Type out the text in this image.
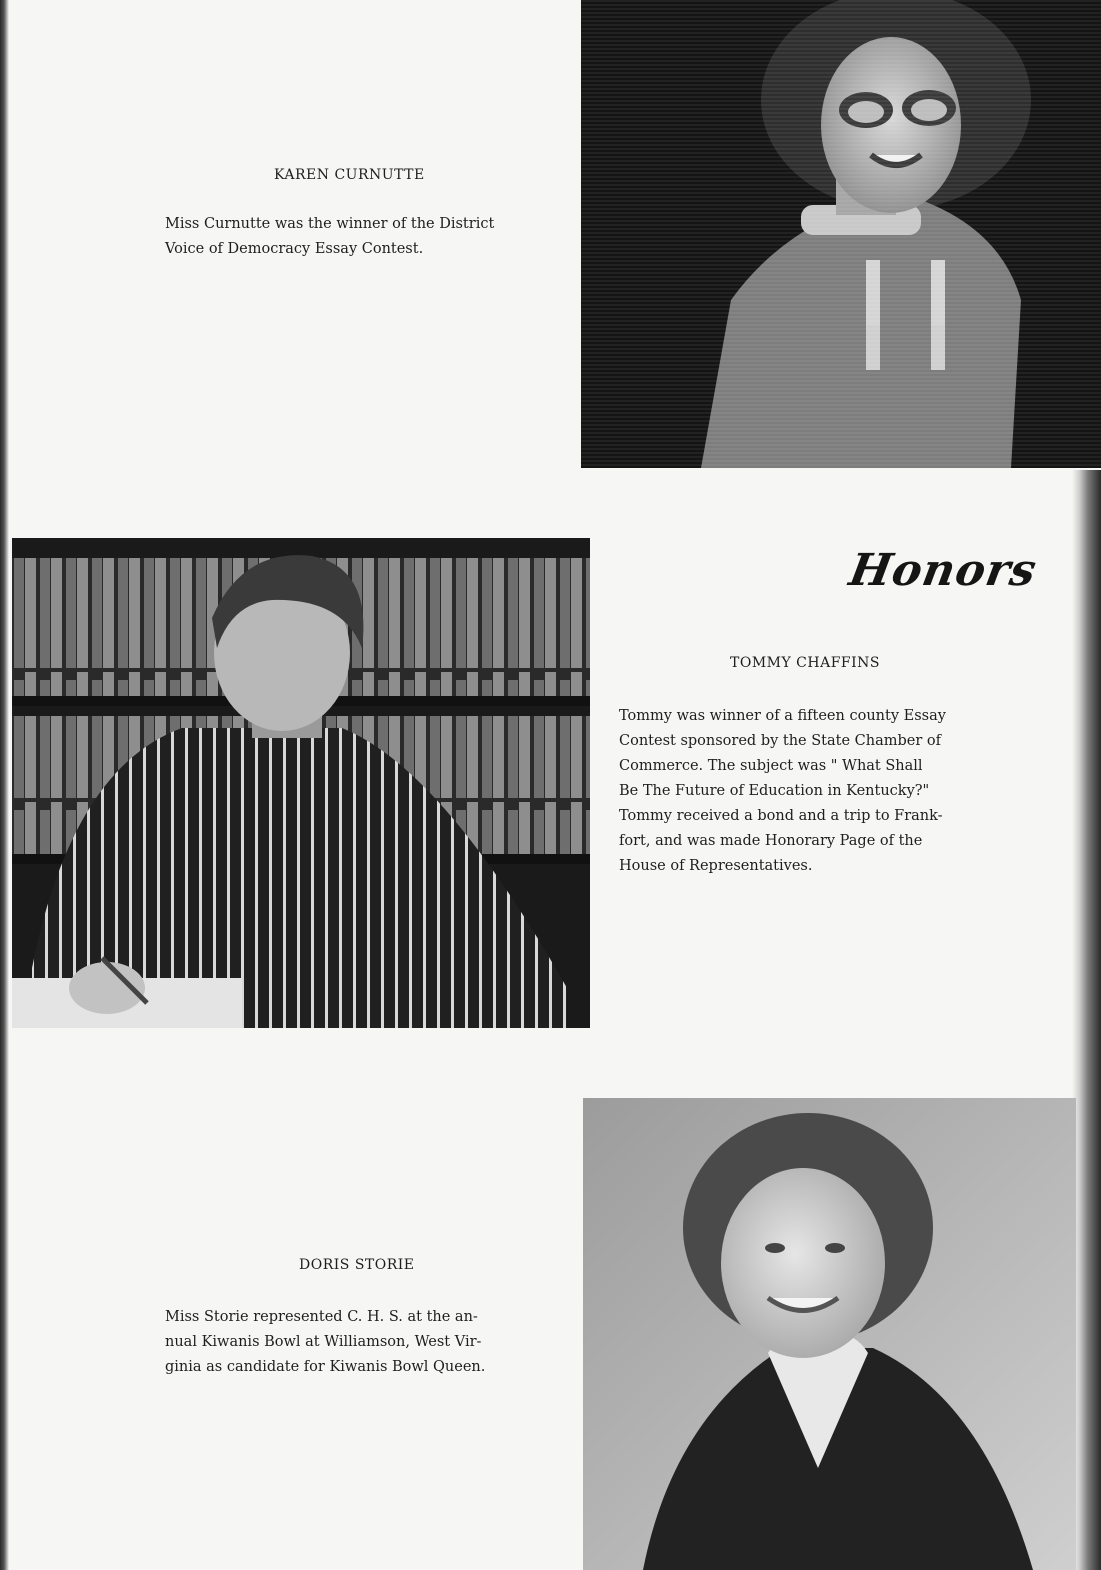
KAREN CURNUTTE

Miss Curnutte was the winner of the District
Voice of Democracy Essay Contest.

Honors
TOMMY CHAFFINS

Tommy was winner of a fifteen county Essay
Contest sponsored by the State Chamber of
Commerce. The subject was " What Shall
Be The Future of Education in Kentucky?"
Tommy received a bond and a trip to Frank-
fort, and was made Honorary Page of the
House of Representatives.

DORIS STORIE

Miss Storie represented C. H. S. at the an-
nual Kiwanis Bowl at Williamson, West Vir-
ginia as candidate for Kiwanis Bowl Queen.
